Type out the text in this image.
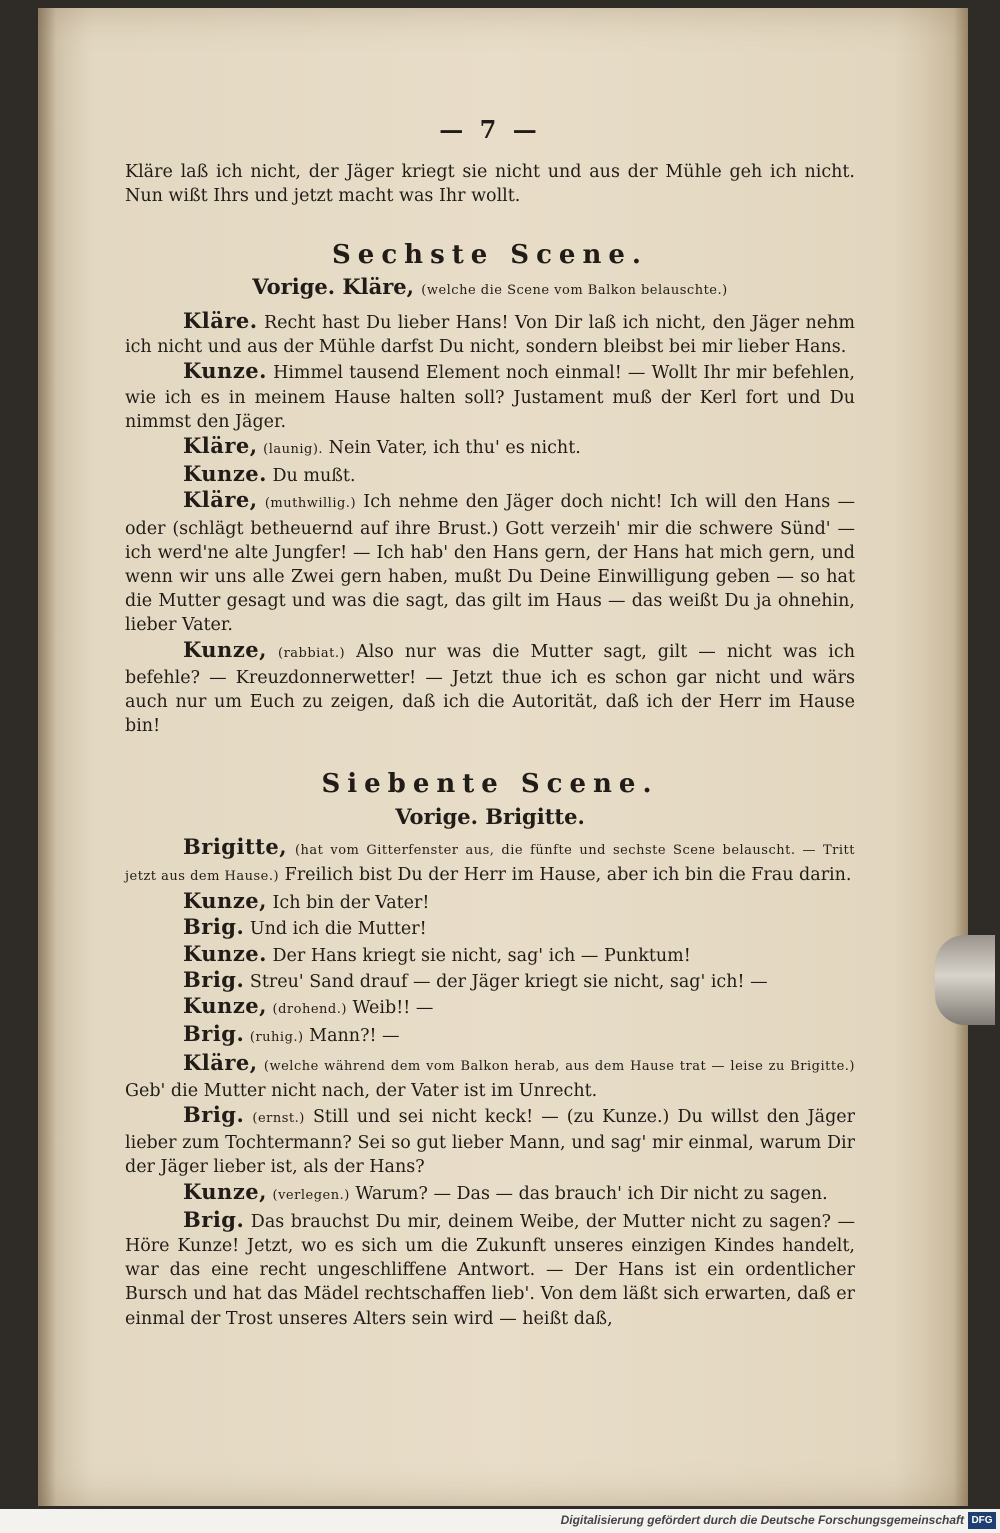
— 7 —

Kläre laß ich nicht, der Jäger kriegt sie nicht und aus der Mühle geh ich nicht. Nun wißt Ihrs und jetzt macht was Ihr wollt.

Sechste Scene.
Vorige. Kläre, (welche die Scene vom Balkon belauschte.)

Kläre. Recht hast Du lieber Hans! Von Dir laß ich nicht, den Jäger nehm ich nicht und aus der Mühle darfst Du nicht, sondern bleibst bei mir lieber Hans.

Kunze. Himmel tausend Element noch einmal! — Wollt Ihr mir befehlen, wie ich es in meinem Hause halten soll? Justament muß der Kerl fort und Du nimmst den Jäger.

Kläre, (launig). Nein Vater, ich thu' es nicht.

Kunze. Du mußt.

Kläre, (muthwillig.) Ich nehme den Jäger doch nicht! Ich will den Hans — oder (schlägt betheuernd auf ihre Brust.) Gott verzeih' mir die schwere Sünd' — ich werd'ne alte Jungfer! — Ich hab' den Hans gern, der Hans hat mich gern, und wenn wir uns alle Zwei gern haben, mußt Du Deine Einwilligung geben — so hat die Mutter gesagt und was die sagt, das gilt im Haus — das weißt Du ja ohnehin, lieber Vater.

Kunze, (rabbiat.) Also nur was die Mutter sagt, gilt — nicht was ich befehle? — Kreuzdonnerwetter! — Jetzt thue ich es schon gar nicht und wärs auch nur um Euch zu zeigen, daß ich die Autorität, daß ich der Herr im Hause bin!

Siebente Scene.
Vorige. Brigitte.

Brigitte, (hat vom Gitterfenster aus, die fünfte und sechste Scene belauscht. — Tritt jetzt aus dem Hause.) Freilich bist Du der Herr im Hause, aber ich bin die Frau darin.

Kunze, Ich bin der Vater!

Brig. Und ich die Mutter!

Kunze. Der Hans kriegt sie nicht, sag' ich — Punktum!

Brig. Streu' Sand drauf — der Jäger kriegt sie nicht, sag' ich! —

Kunze, (drohend.) Weib!! —

Brig. (ruhig.) Mann?! —

Kläre, (welche während dem vom Balkon herab, aus dem Hause trat — leise zu Brigitte.) Geb' die Mutter nicht nach, der Vater ist im Unrecht.

Brig. (ernst.) Still und sei nicht keck! — (zu Kunze.) Du willst den Jäger lieber zum Tochtermann? Sei so gut lieber Mann, und sag' mir einmal, warum Dir der Jäger lieber ist, als der Hans?

Kunze, (verlegen.) Warum? — Das — das brauch' ich Dir nicht zu sagen.

Brig. Das brauchst Du mir, deinem Weibe, der Mutter nicht zu sagen? — Höre Kunze! Jetzt, wo es sich um die Zukunft unseres einzigen Kindes handelt, war das eine recht ungeschliffene Antwort. — Der Hans ist ein ordentlicher Bursch und hat das Mädel rechtschaffen lieb'. Von dem läßt sich erwarten, daß er einmal der Trost unseres Alters sein wird — heißt daß,

Digitalisierung gefördert durch die Deutsche Forschungsgemeinschaft DFG
